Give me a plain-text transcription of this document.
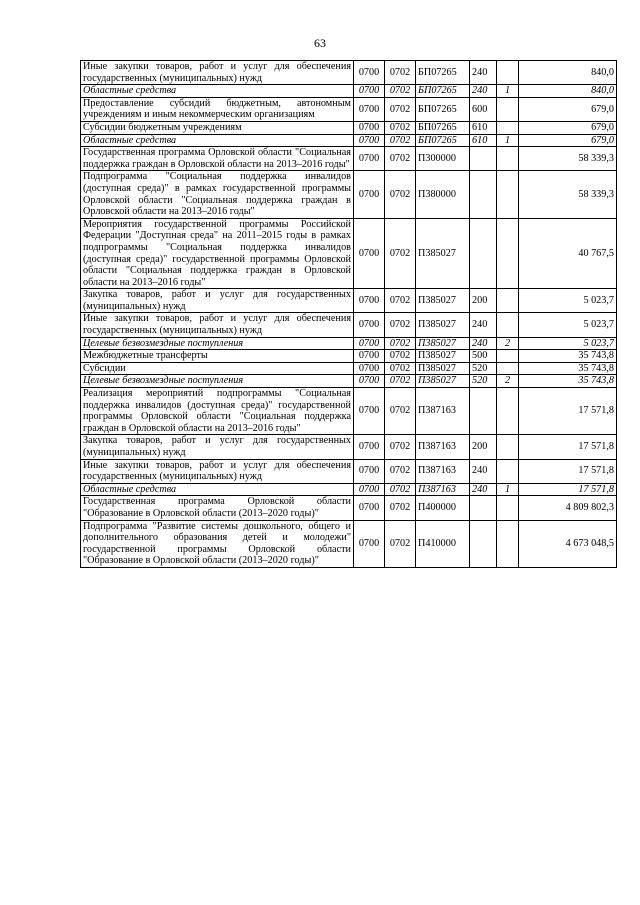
63
Иные закупки товаров, работ и услуг для обеспечения государственных (муниципальных) нужд	0700	0702	БП07265	240		840,0
Областные средства	0700	0702	БП07265	240	1	840,0
Предоставление субсидий бюджетным, автономным учреждениям и иным некоммерческим организациям	0700	0702	БП07265	600		679,0
Субсидии бюджетным учреждениям	0700	0702	БП07265	610		679,0
Областные средства	0700	0702	БП07265	610	1	679,0
Государственная программа Орловской области "Социальная поддержка граждан в Орловской области на 2013–2016 годы"	0700	0702	П300000			58 339,3
Подпрограмма "Социальная поддержка инвалидов (доступная среда)" в рамках государственной программы Орловской области "Социальная поддержка граждан в Орловской области на 2013–2016 годы"	0700	0702	П380000			58 339,3
Мероприятия государственной программы Российской Федерации "Доступная среда" на 2011–2015 годы в рамках подпрограммы "Социальная поддержка инвалидов (доступная среда)" государственной программы Орловской области "Социальная поддержка граждан в Орловской области на 2013–2016 годы"	0700	0702	П385027			40 767,5
Закупка товаров, работ и услуг для государственных (муниципальных) нужд	0700	0702	П385027	200		5 023,7
Иные закупки товаров, работ и услуг для обеспечения государственных (муниципальных) нужд	0700	0702	П385027	240		5 023,7
Целевые безвозмездные поступления	0700	0702	П385027	240	2	5 023,7
Межбюджетные трансферты	0700	0702	П385027	500		35 743,8
Субсидии	0700	0702	П385027	520		35 743,8
Целевые безвозмездные поступления	0700	0702	П385027	520	2	35 743,8
Реализация мероприятий подпрограммы "Социальная поддержка инвалидов (доступная среда)" государственной программы Орловской области "Социальная поддержка граждан в Орловской области на 2013–2016 годы"	0700	0702	П387163			17 571,8
Закупка товаров, работ и услуг для государственных (муниципальных) нужд	0700	0702	П387163	200		17 571,8
Иные закупки товаров, работ и услуг для обеспечения государственных (муниципальных) нужд	0700	0702	П387163	240		17 571,8
Областные средства	0700	0702	П387163	240	1	17 571,8
Государственная программа Орловской области "Образование в Орловской области (2013–2020 годы)"	0700	0702	П400000			4 809 802,3
Подпрограмма "Развитие системы дошкольного, общего и дополнительного образования детей и молодежи" государственной программы Орловской области "Образование в Орловской области (2013–2020 годы)"	0700	0702	П410000			4 673 048,5
